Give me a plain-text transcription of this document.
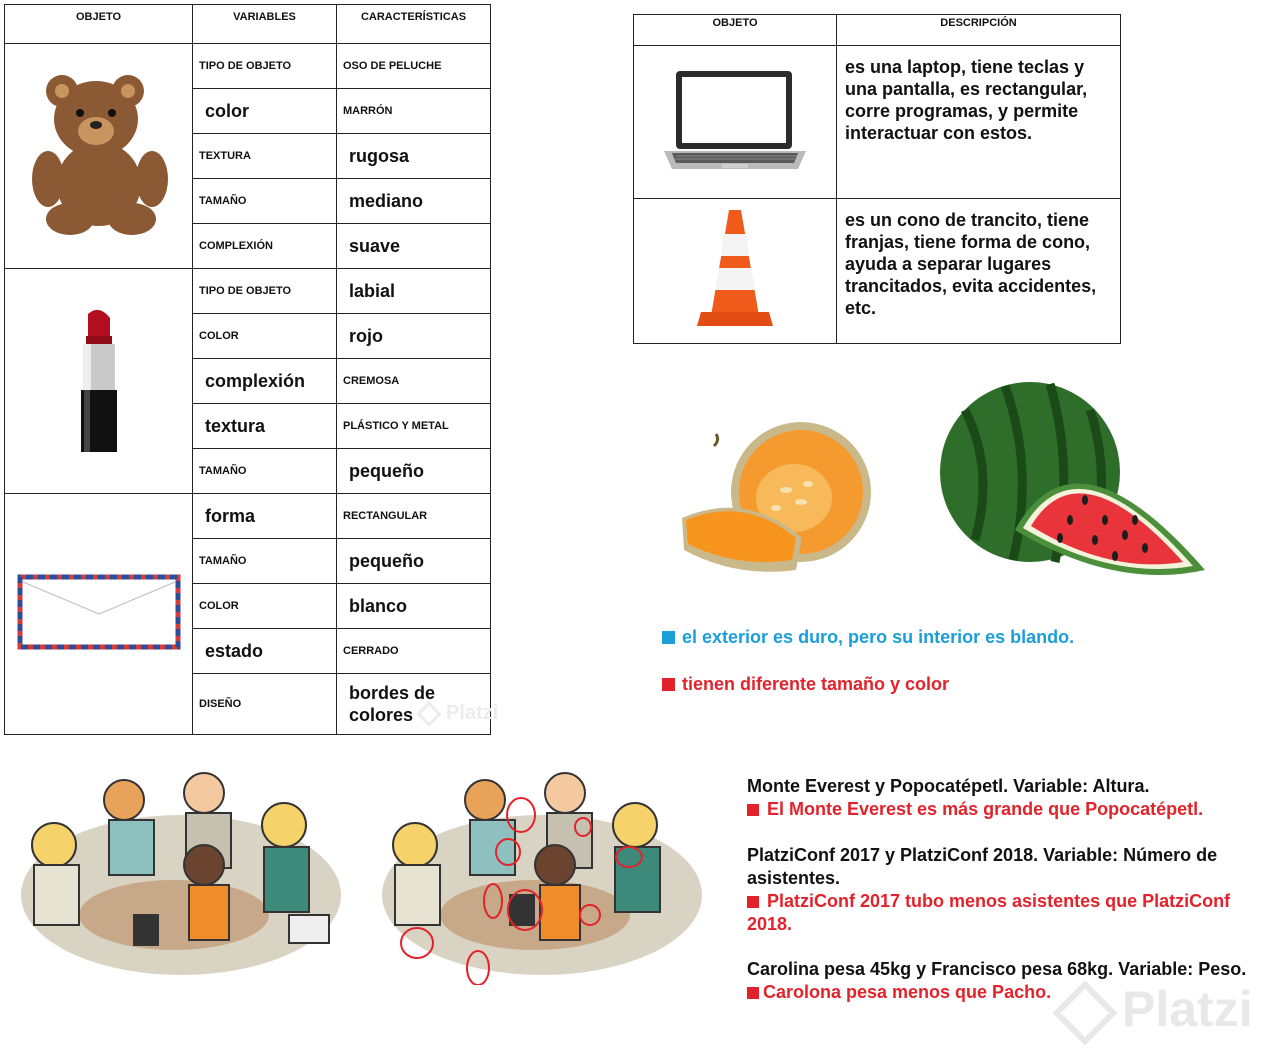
OBJETO	VARIABLES	CARACTERÍSTICAS
	TIPO DE OBJETO	OSO DE PELUCHE
	color	MARRÓN
	TEXTURA	rugosa
	TAMAÑO	mediano
	COMPLEXIÓN	suave
	TIPO DE OBJETO	labial
	COLOR	rojo
	complexión	CREMOSA
	textura	PLÁSTICO Y METAL
	TAMAÑO	pequeño
	forma	RECTANGULAR
	TAMAÑO	pequeño
	COLOR	blanco
	estado	CERRADO
	DISEÑO	bordes de colores
OBJETO	DESCRIPCIÓN
	es una laptop, tiene teclas y una pantalla, es rectangular, corre programas, y permite interactuar con estos.
	es un cono de trancito, tiene franjas, tiene forma de cono, ayuda a separar lugares trancitados, evita accidentes, etc.
el exterior es duro, pero su interior es blando.
tienen diferente tamaño y color
Monte Everest y Popocatépetl. Variable: Altura.
El Monte Everest es más grande que Popocatépetl.
PlatziConf 2017 y PlatziConf 2018. Variable: Número de asistentes.
PlatziConf 2017 tubo menos asistentes que PlatziConf 2018.
Carolina pesa 45kg y Francisco pesa 68kg. Variable: Peso.
Carolona pesa menos que Pacho.	Platzi
Platzi
